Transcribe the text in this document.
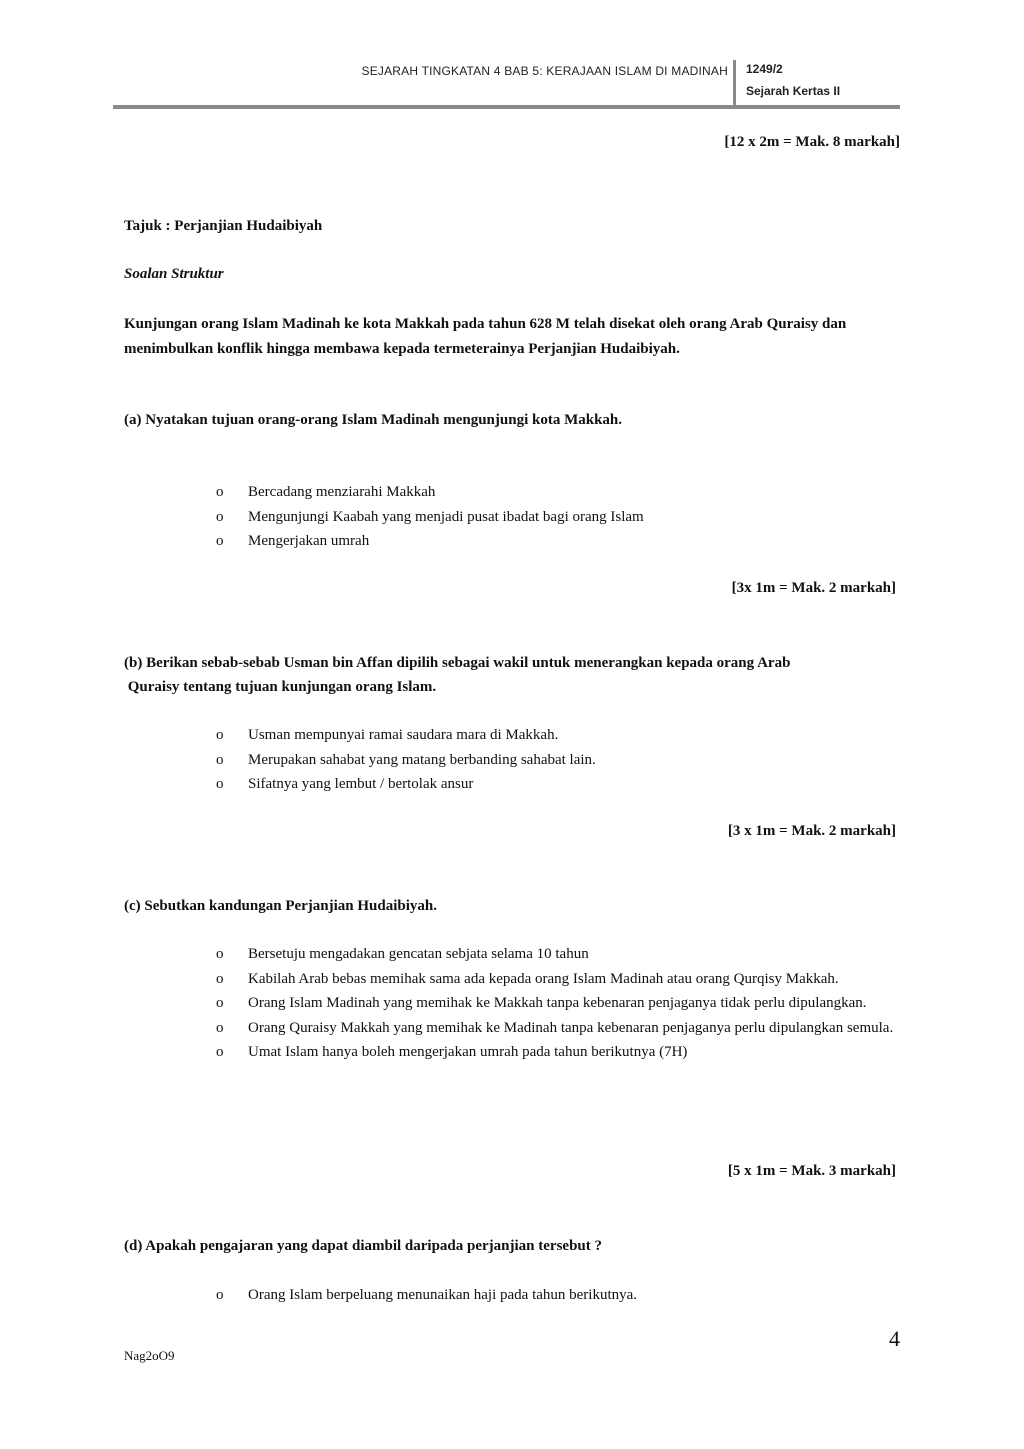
SEJARAH TINGKATAN 4 BAB 5: KERAJAAN ISLAM DI MADINAH 1249/2
Sejarah Kertas II
[12 x 2m = Mak. 8 markah]
Tajuk : Perjanjian Hudaibiyah
Soalan Struktur
Kunjungan orang Islam Madinah ke kota Makkah pada tahun 628 M telah disekat oleh orang Arab Quraisy dan menimbulkan konflik hingga membawa kepada termeterainya Perjanjian Hudaibiyah.
(a) Nyatakan tujuan orang-orang Islam Madinah mengunjungi kota Makkah.
o	Bercadang menziarahi Makkah
o	Mengunjungi Kaabah yang menjadi pusat ibadat bagi orang Islam
o	Mengerjakan umrah
[3x 1m = Mak. 2 markah]
(b) Berikan sebab-sebab Usman bin Affan dipilih sebagai wakil untuk menerangkan kepada orang Arab
Quraisy tentang tujuan kunjungan orang Islam.
o	Usman mempunyai ramai saudara mara di Makkah.
o	Merupakan sahabat yang matang berbanding sahabat lain.
o	Sifatnya yang lembut / bertolak ansur
[3 x 1m = Mak. 2 markah]
(c) Sebutkan kandungan Perjanjian Hudaibiyah.
o	Bersetuju mengadakan gencatan sebjata selama 10 tahun
o	Kabilah Arab bebas memihak sama ada kepada orang Islam Madinah atau orang Qurqisy Makkah.
o	Orang Islam Madinah yang memihak ke Makkah tanpa kebenaran penjaganya tidak perlu dipulangkan.
o	Orang Quraisy Makkah yang memihak ke Madinah tanpa kebenaran penjaganya perlu dipulangkan semula.
o	Umat Islam hanya boleh mengerjakan umrah pada tahun berikutnya (7H)
[5 x 1m = Mak. 3 markah]
(d) Apakah pengajaran yang dapat diambil daripada perjanjian tersebut ?
o	Orang Islam berpeluang menunaikan haji pada tahun berikutnya.
4
Nag2oO9
